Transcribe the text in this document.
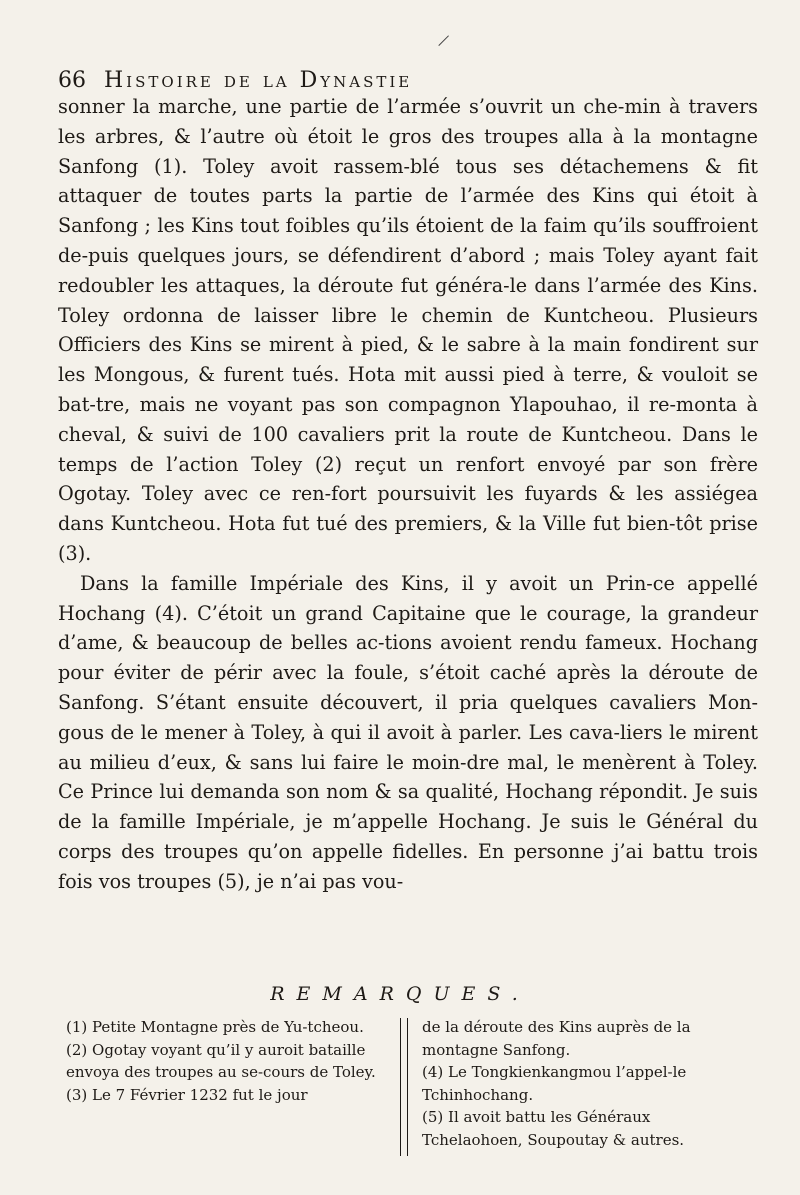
66 Histoire de la Dynastie

sonner la marche, une partie de l’armée s’ouvrit un che-min à travers les arbres, & l’autre où étoit le gros des troupes alla à la montagne Sanfong (1). Toley avoit rassem-blé tous ses détachemens & fit attaquer de toutes parts la partie de l’armée des Kins qui étoit à Sanfong ; les Kins tout foibles qu’ils étoient de la faim qu’ils souffroient de-puis quelques jours, se défendirent d’abord ; mais Toley ayant fait redoubler les attaques, la déroute fut généra-le dans l’armée des Kins. Toley ordonna de laisser libre le chemin de Kuntcheou. Plusieurs Officiers des Kins se mirent à pied, & le sabre à la main fondirent sur les Mongous, & furent tués. Hota mit aussi pied à terre, & vouloit se bat-tre, mais ne voyant pas son compagnon Ylapouhao, il re-monta à cheval, & suivi de 100 cavaliers prit la route de Kuntcheou. Dans le temps de l’action Toley (2) reçut un renfort envoyé par son frère Ogotay. Toley avec ce ren-fort poursuivit les fuyards & les assiégea dans Kuntcheou. Hota fut tué des premiers, & la Ville fut bien-tôt prise (3).

Dans la famille Impériale des Kins, il y avoit un Prin-ce appellé Hochang (4). C’étoit un grand Capitaine que le courage, la grandeur d’ame, & beaucoup de belles ac-tions avoient rendu fameux. Hochang pour éviter de périr avec la foule, s’étoit caché après la déroute de Sanfong. S’étant ensuite découvert, il pria quelques cavaliers Mon-gous de le mener à Toley, à qui il avoit à parler. Les cava-liers le mirent au milieu d’eux, & sans lui faire le moin-dre mal, le menèrent à Toley. Ce Prince lui demanda son nom & sa qualité, Hochang répondit. Je suis de la famille Impériale, je m’appelle Hochang. Je suis le Général du corps des troupes qu’on appelle fidelles. En personne j’ai battu trois fois vos troupes (5), je n’ai pas vou-

REMARQUES.

(1) Petite Montagne près de Yu-tcheou.

(2) Ogotay voyant qu’il y auroit bataille envoya des troupes au se-cours de Toley.

(3) Le 7 Février 1232 fut le jour

de la déroute des Kins auprès de la montagne Sanfong.

(4) Le Tongkienkangmou l’appel-le Tchinhochang.

(5) Il avoit battu les Généraux Tchelaohoen, Soupoutay & autres.
